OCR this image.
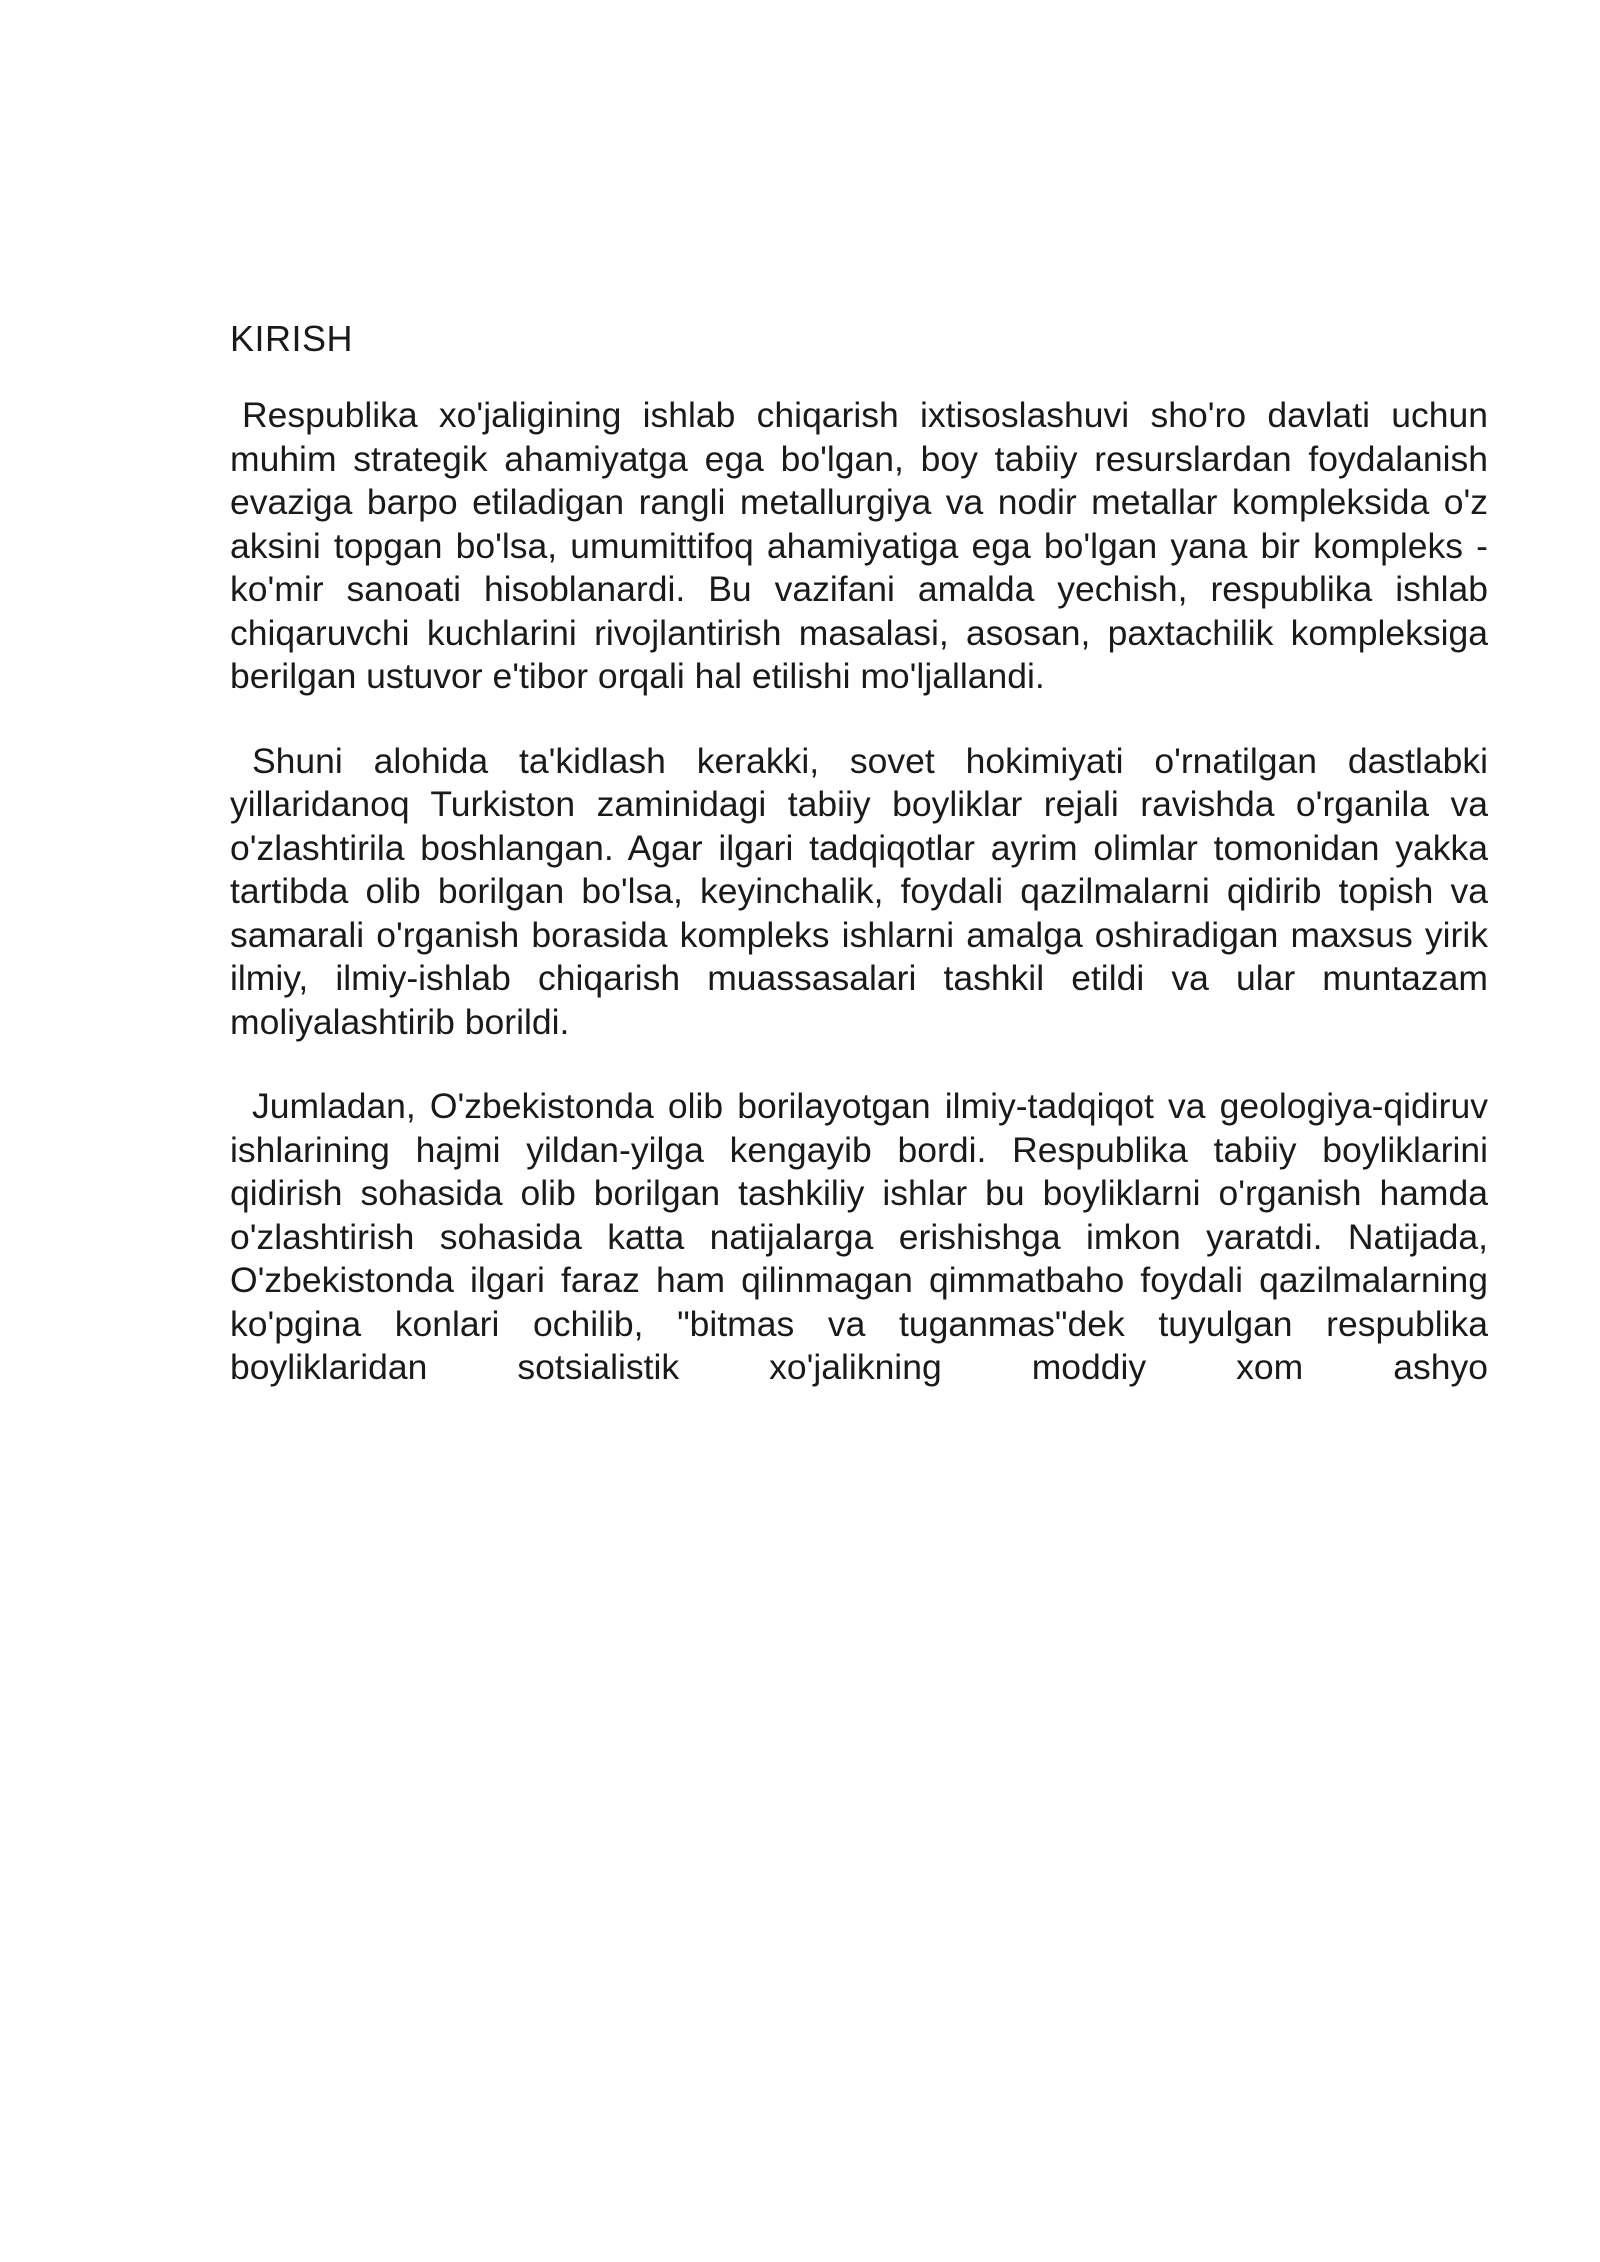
KIRISH

Respublika xo'jaligining ishlab chiqarish ixtisoslashuvi sho'ro davlati uchun muhim strategik ahamiyatga ega bo'lgan, boy tabiiy resurslardan foydalanish evaziga barpo etiladigan rangli metallurgiya va nodir metallar kompleksida o'z aksini topgan bo'lsa, umumittifoq ahamiyatiga ega bo'lgan yana bir kompleks - ko'mir sanoati hisoblanardi. Bu vazifani amalda yechish, respublika ishlab chiqaruvchi kuchlarini rivojlantirish masalasi, asosan, paxtachilik kompleksiga berilgan ustuvor e'tibor orqali hal etilishi mo'ljallandi.

Shuni alohida ta'kidlash kerakki, sovet hokimiyati o'rnatilgan dastlabki yillaridanoq Turkiston zaminidagi tabiiy boyliklar rejali ravishda o'rganila va o'zlashtirila boshlangan. Agar ilgari tadqiqotlar ayrim olimlar tomonidan yakka tartibda olib borilgan bo'lsa, keyinchalik, foydali qazilmalarni qidirib topish va samarali o'rganish borasida kompleks ishlarni amalga oshiradigan maxsus yirik ilmiy, ilmiy-ishlab chiqarish muassasalari tashkil etildi va ular muntazam moliyalashtirib borildi.

Jumladan, O'zbekistonda olib borilayotgan ilmiy-tadqiqot va geologiya-qidiruv ishlarining hajmi yildan-yilga kengayib bordi. Respublika tabiiy boyliklarini qidirish sohasida olib borilgan tashkiliy ishlar bu boyliklarni o'rganish hamda o'zlashtirish sohasida katta natijalarga erishishga imkon yaratdi. Natijada, O'zbekistonda ilgari faraz ham qilinmagan qimmatbaho foydali qazilmalarning ko'pgina konlari ochilib, "bitmas va tuganmas"dek tuyulgan respublika boyliklaridan sotsialistik xo'jalikning moddiy xom ashyo
